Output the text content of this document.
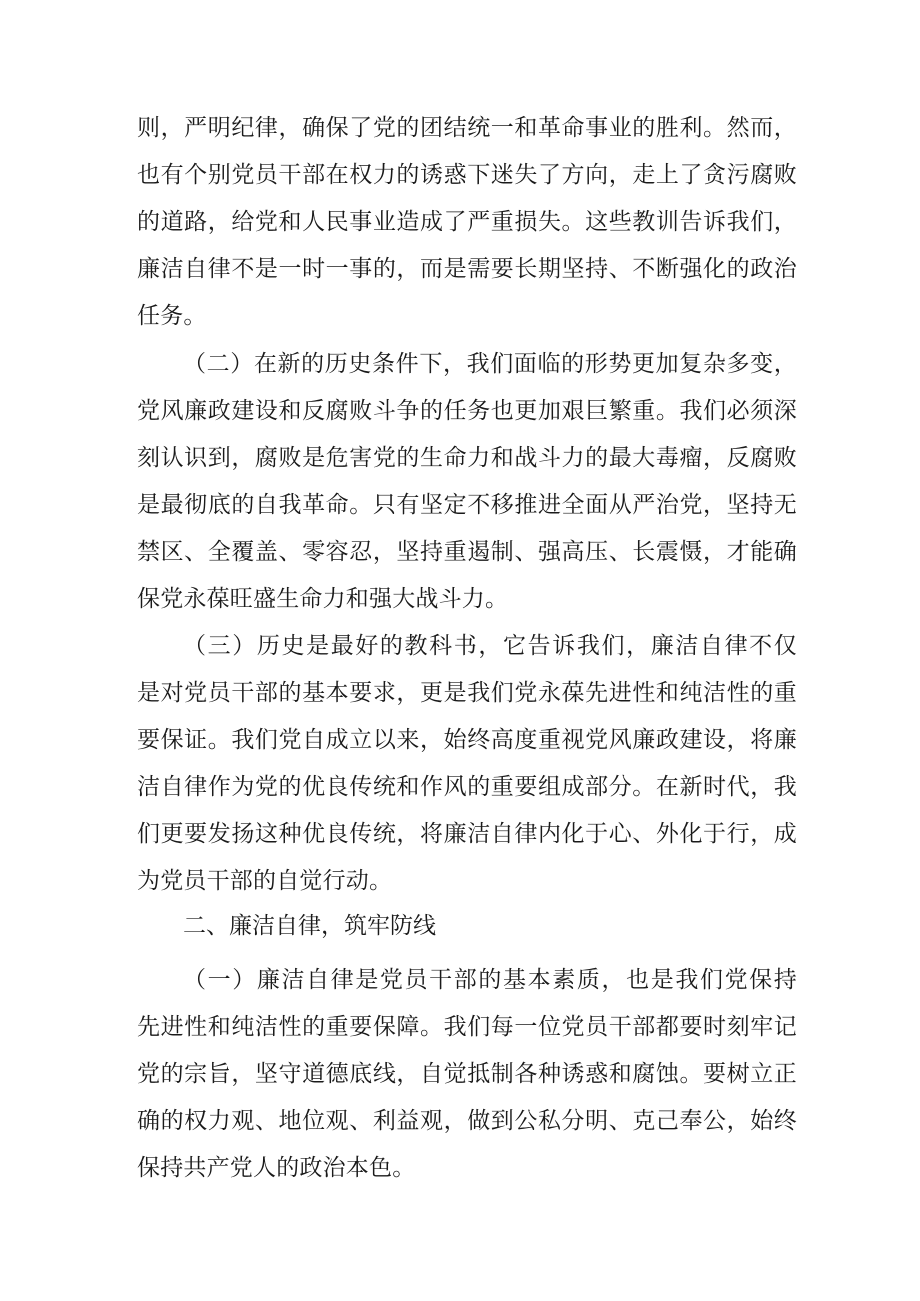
则，严明纪律，确保了党的团结统一和革命事业的胜利。然而，
也有个别党员干部在权力的诱惑下迷失了方向，走上了贪污腐败
的道路，给党和人民事业造成了严重损失。这些教训告诉我们，
廉洁自律不是一时一事的，而是需要长期坚持、不断强化的政治
任务。
（二）在新的历史条件下，我们面临的形势更加复杂多变，
党风廉政建设和反腐败斗争的任务也更加艰巨繁重。我们必须深
刻认识到，腐败是危害党的生命力和战斗力的最大毒瘤，反腐败
是最彻底的自我革命。只有坚定不移推进全面从严治党，坚持无
禁区、全覆盖、零容忍，坚持重遏制、强高压、长震慑，才能确
保党永葆旺盛生命力和强大战斗力。
（三）历史是最好的教科书，它告诉我们，廉洁自律不仅
是对党员干部的基本要求，更是我们党永葆先进性和纯洁性的重
要保证。我们党自成立以来，始终高度重视党风廉政建设，将廉
洁自律作为党的优良传统和作风的重要组成部分。在新时代，我
们更要发扬这种优良传统，将廉洁自律内化于心、外化于行，成
为党员干部的自觉行动。
二、廉洁自律，筑牢防线
（一）廉洁自律是党员干部的基本素质，也是我们党保持
先进性和纯洁性的重要保障。我们每一位党员干部都要时刻牢记
党的宗旨，坚守道德底线，自觉抵制各种诱惑和腐蚀。要树立正
确的权力观、地位观、利益观，做到公私分明、克己奉公，始终
保持共产党人的政治本色。
